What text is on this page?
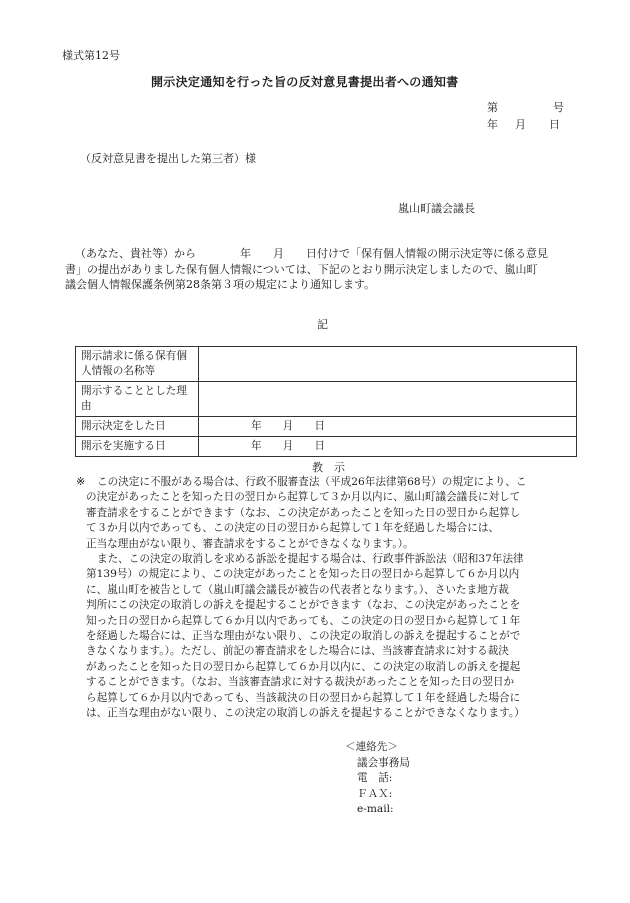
様式第12号
開示決定通知を行った旨の反対意見書提出者への通知書
第	号
年 月 日
（反対意見書を提出した第三者）様
嵐山町議会議長
（あなた、貴社等）から　　　　年　　月　　日付けで「保有個人情報の開示決定等に係る意見
書」の提出がありました保有個人情報については、下記のとおり開示決定しましたので、嵐山町
議会個人情報保護条例第28条第３項の規定により通知します。
記
開示請求に係る保有個人情報の名称等	
開示することとした理由	
開示決定をした日	年　　月　　日
開示を実施する日	年　　月　　日
教　示
※	この決定に不服がある場合は、行政不服審査法（平成26年法律第68号）の規定により、こ
の決定があったことを知った日の翌日から起算して３か月以内に、嵐山町議会議長に対して
審査請求をすることができます（なお、この決定があったことを知った日の翌日から起算し
て３か月以内であっても、この決定の日の翌日から起算して１年を経過した場合には、
正当な理由がない限り、審査請求をすることができなくなります。）。
また、この決定の取消しを求める訴訟を提起する場合は、行政事件訴訟法（昭和37年法律
第139号）の規定により、この決定があったことを知った日の翌日から起算して６か月以内
に、嵐山町を被告として（嵐山町議会議長が被告の代表者となります。）、さいたま地方裁
判所にこの決定の取消しの訴えを提起することができます（なお、この決定があったことを
知った日の翌日から起算して６か月以内であっても、この決定の日の翌日から起算して１年
を経過した場合には、正当な理由がない限り、この決定の取消しの訴えを提起することがで
きなくなります。）。ただし、前記の審査請求をした場合には、当該審査請求に対する裁決
があったことを知った日の翌日から起算して６か月以内に、この決定の取消しの訴えを提起
することができます。（なお、当該審査請求に対する裁決があったことを知った日の翌日か
ら起算して６か月以内であっても、当該裁決の日の翌日から起算して１年を経過した場合に
は、正当な理由がない限り、この決定の取消しの訴えを提起することができなくなります。）
＜連絡先＞
議会事務局
電　話:
ＦＡＸ:
e-mail:
